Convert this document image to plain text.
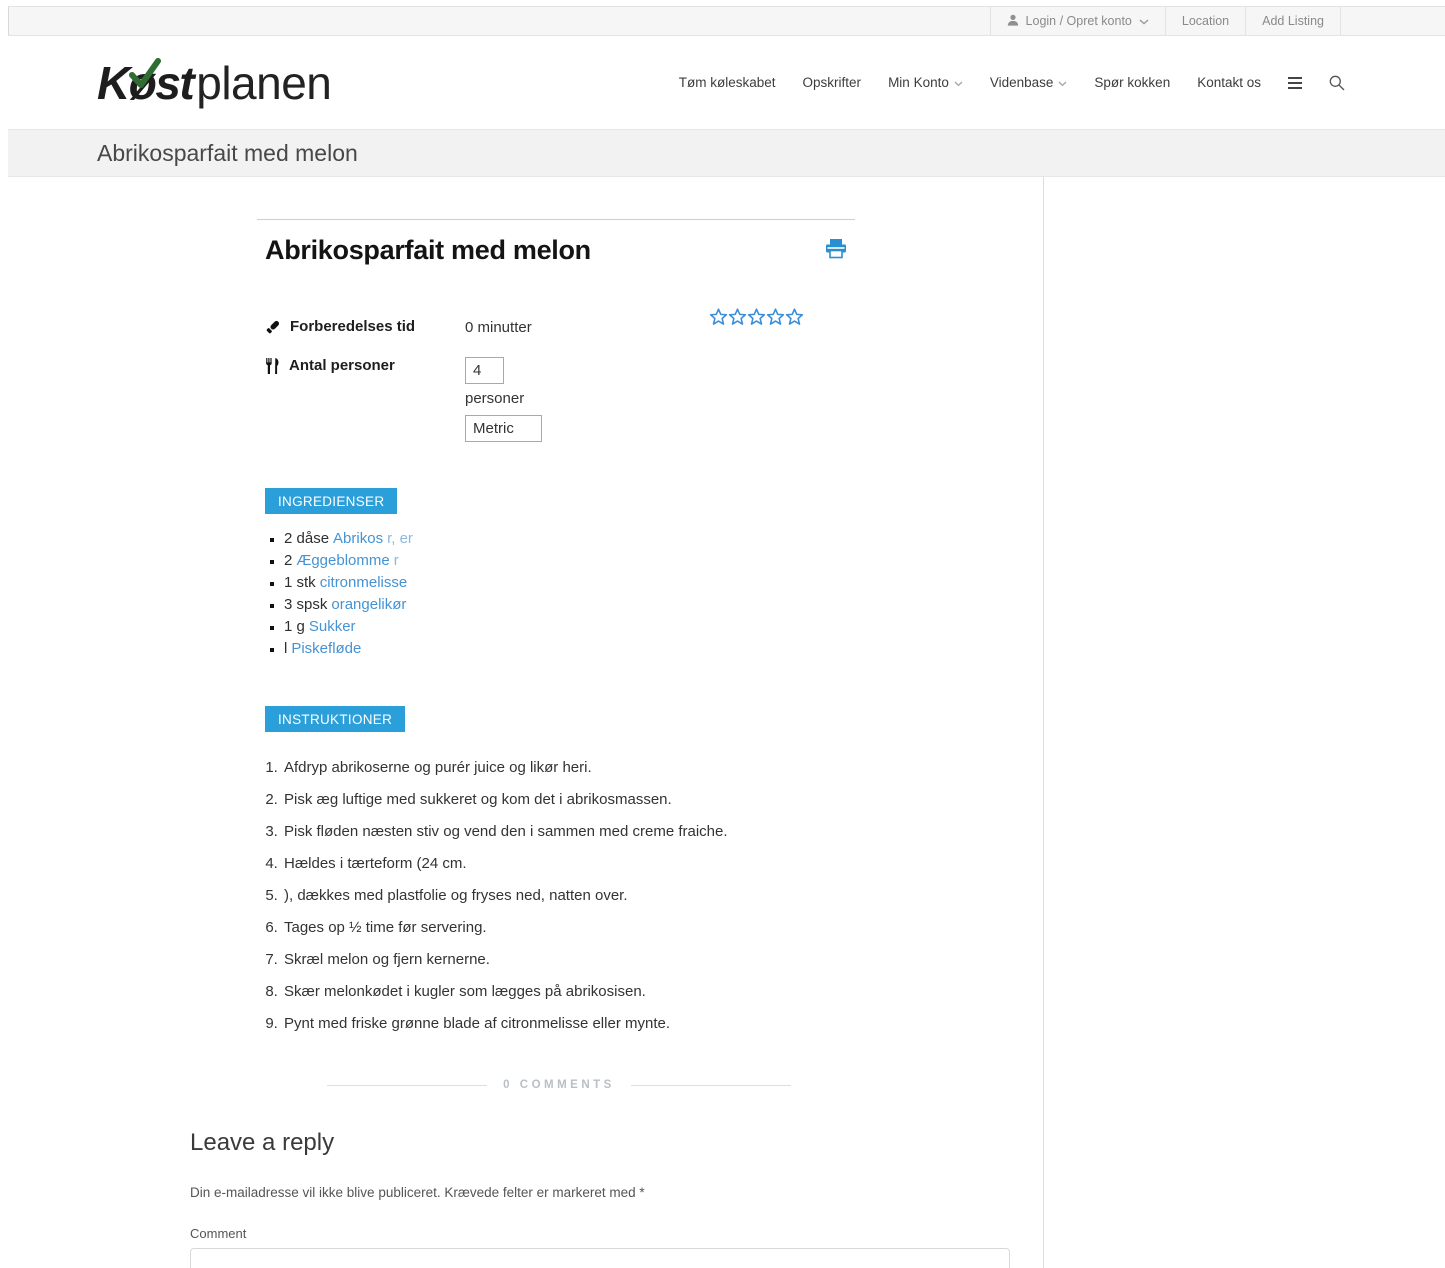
Login / Opret konto	Location	Add Listing
Køst planen	Tøm køleskabet Opskrifter Min Konto	Videnbase	Spør kokken Kontakt os
Abrikosparfait med melon
Abrikosparfait med melon
Forberedelses tid	0 minutter
Antal personer
4
personer
Metric
INGREDIENSER
▪ 2 dåse Abrikos r, er
▪ 2 Æggeblomme r
▪ 1 stk citronmelisse
▪ 3 spsk orangelikør
▪ 1 g Sukker
▪ l Piskefløde
INSTRUKTIONER
1. Afdryp abrikoserne og purér juice og likør heri.
2. Pisk æg luftige med sukkeret og kom det i abrikosmassen.
3. Pisk fløden næsten stiv og vend den i sammen med creme fraiche.
4. Hældes i tærteform (24 cm.
5. ), dækkes med plastfolie og fryses ned, natten over.
6. Tages op ½ time før servering.
7. Skræl melon og fjern kernerne.
8. Skær melonkødet i kugler som lægges på abrikosisen.
9. Pynt med friske grønne blade af citronmelisse eller mynte.
0 COMMENTS
Leave a reply

Din e-mailadresse vil ikke blive publiceret. Krævede felter er markeret med *

Comment
